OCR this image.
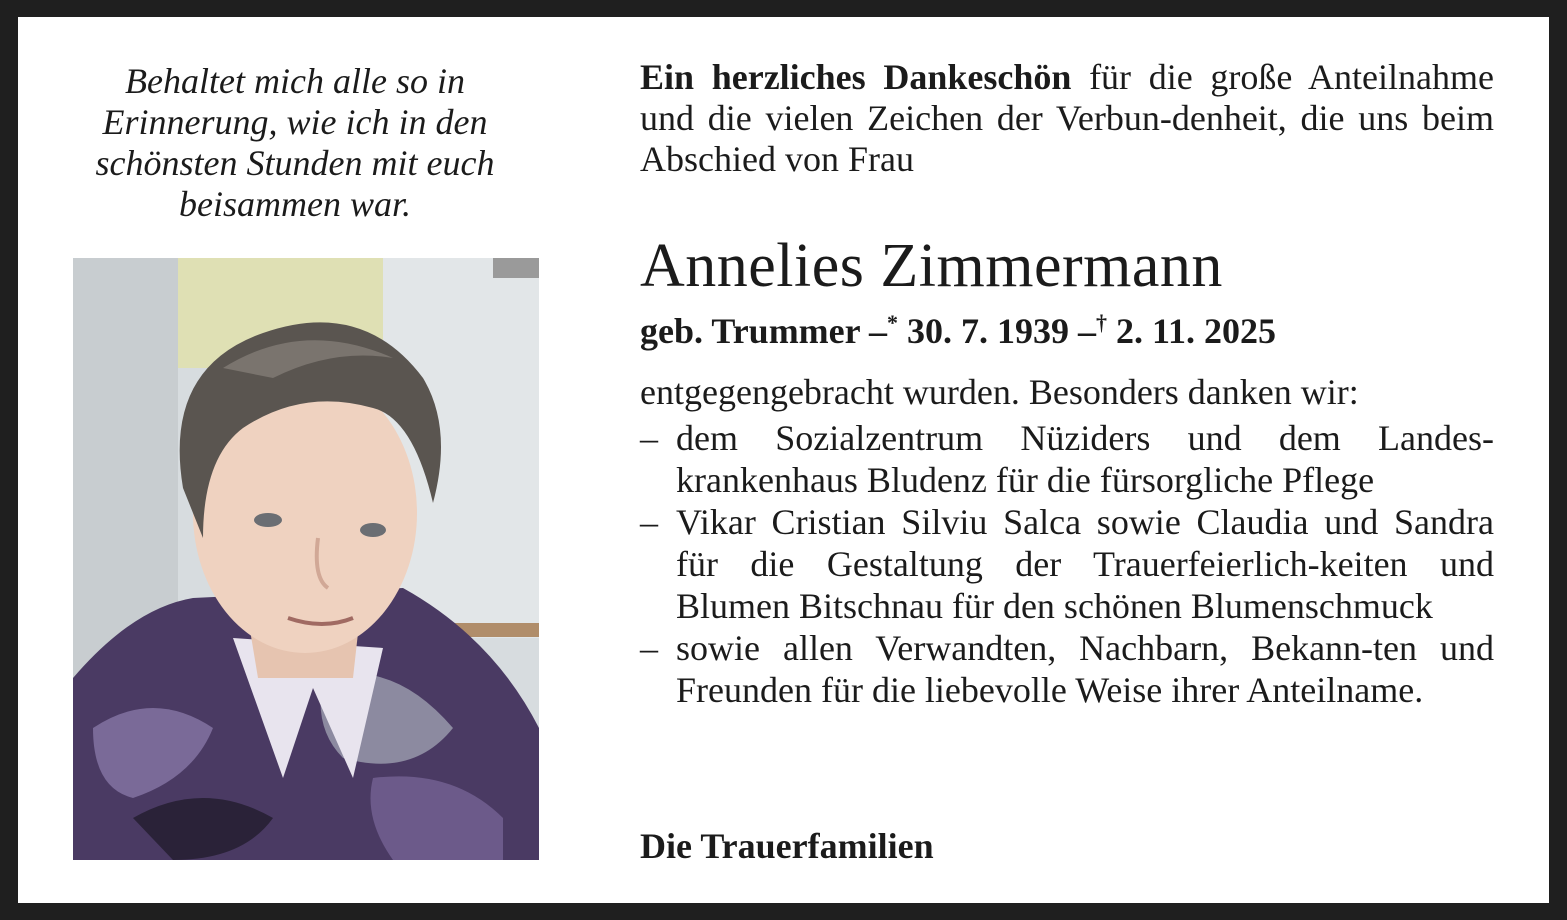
Behaltet mich alle so in
Erinnerung, wie ich in den
schönsten Stunden mit euch
beisammen war.
Ein herzliches Dankeschön für die große Anteilnahme und die vielen Zeichen der Verbun-denheit, die uns beim Abschied von Frau
Annelies Zimmermann
geb. Trummer –* 30. 7. 1939 –† 2. 11. 2025
entgegengebracht wurden. Besonders danken wir:
– dem Sozialzentrum Nüziders und dem Landes-krankenhaus Bludenz für die fürsorgliche Pflege
– Vikar Cristian Silviu Salca sowie Claudia und Sandra für die Gestaltung der Trauerfeierlich-keiten und Blumen Bitschnau für den schönen Blumenschmuck
– sowie allen Verwandten, Nachbarn, Bekann-ten und Freunden für die liebevolle Weise ihrer Anteilname.
Die Trauerfamilien
